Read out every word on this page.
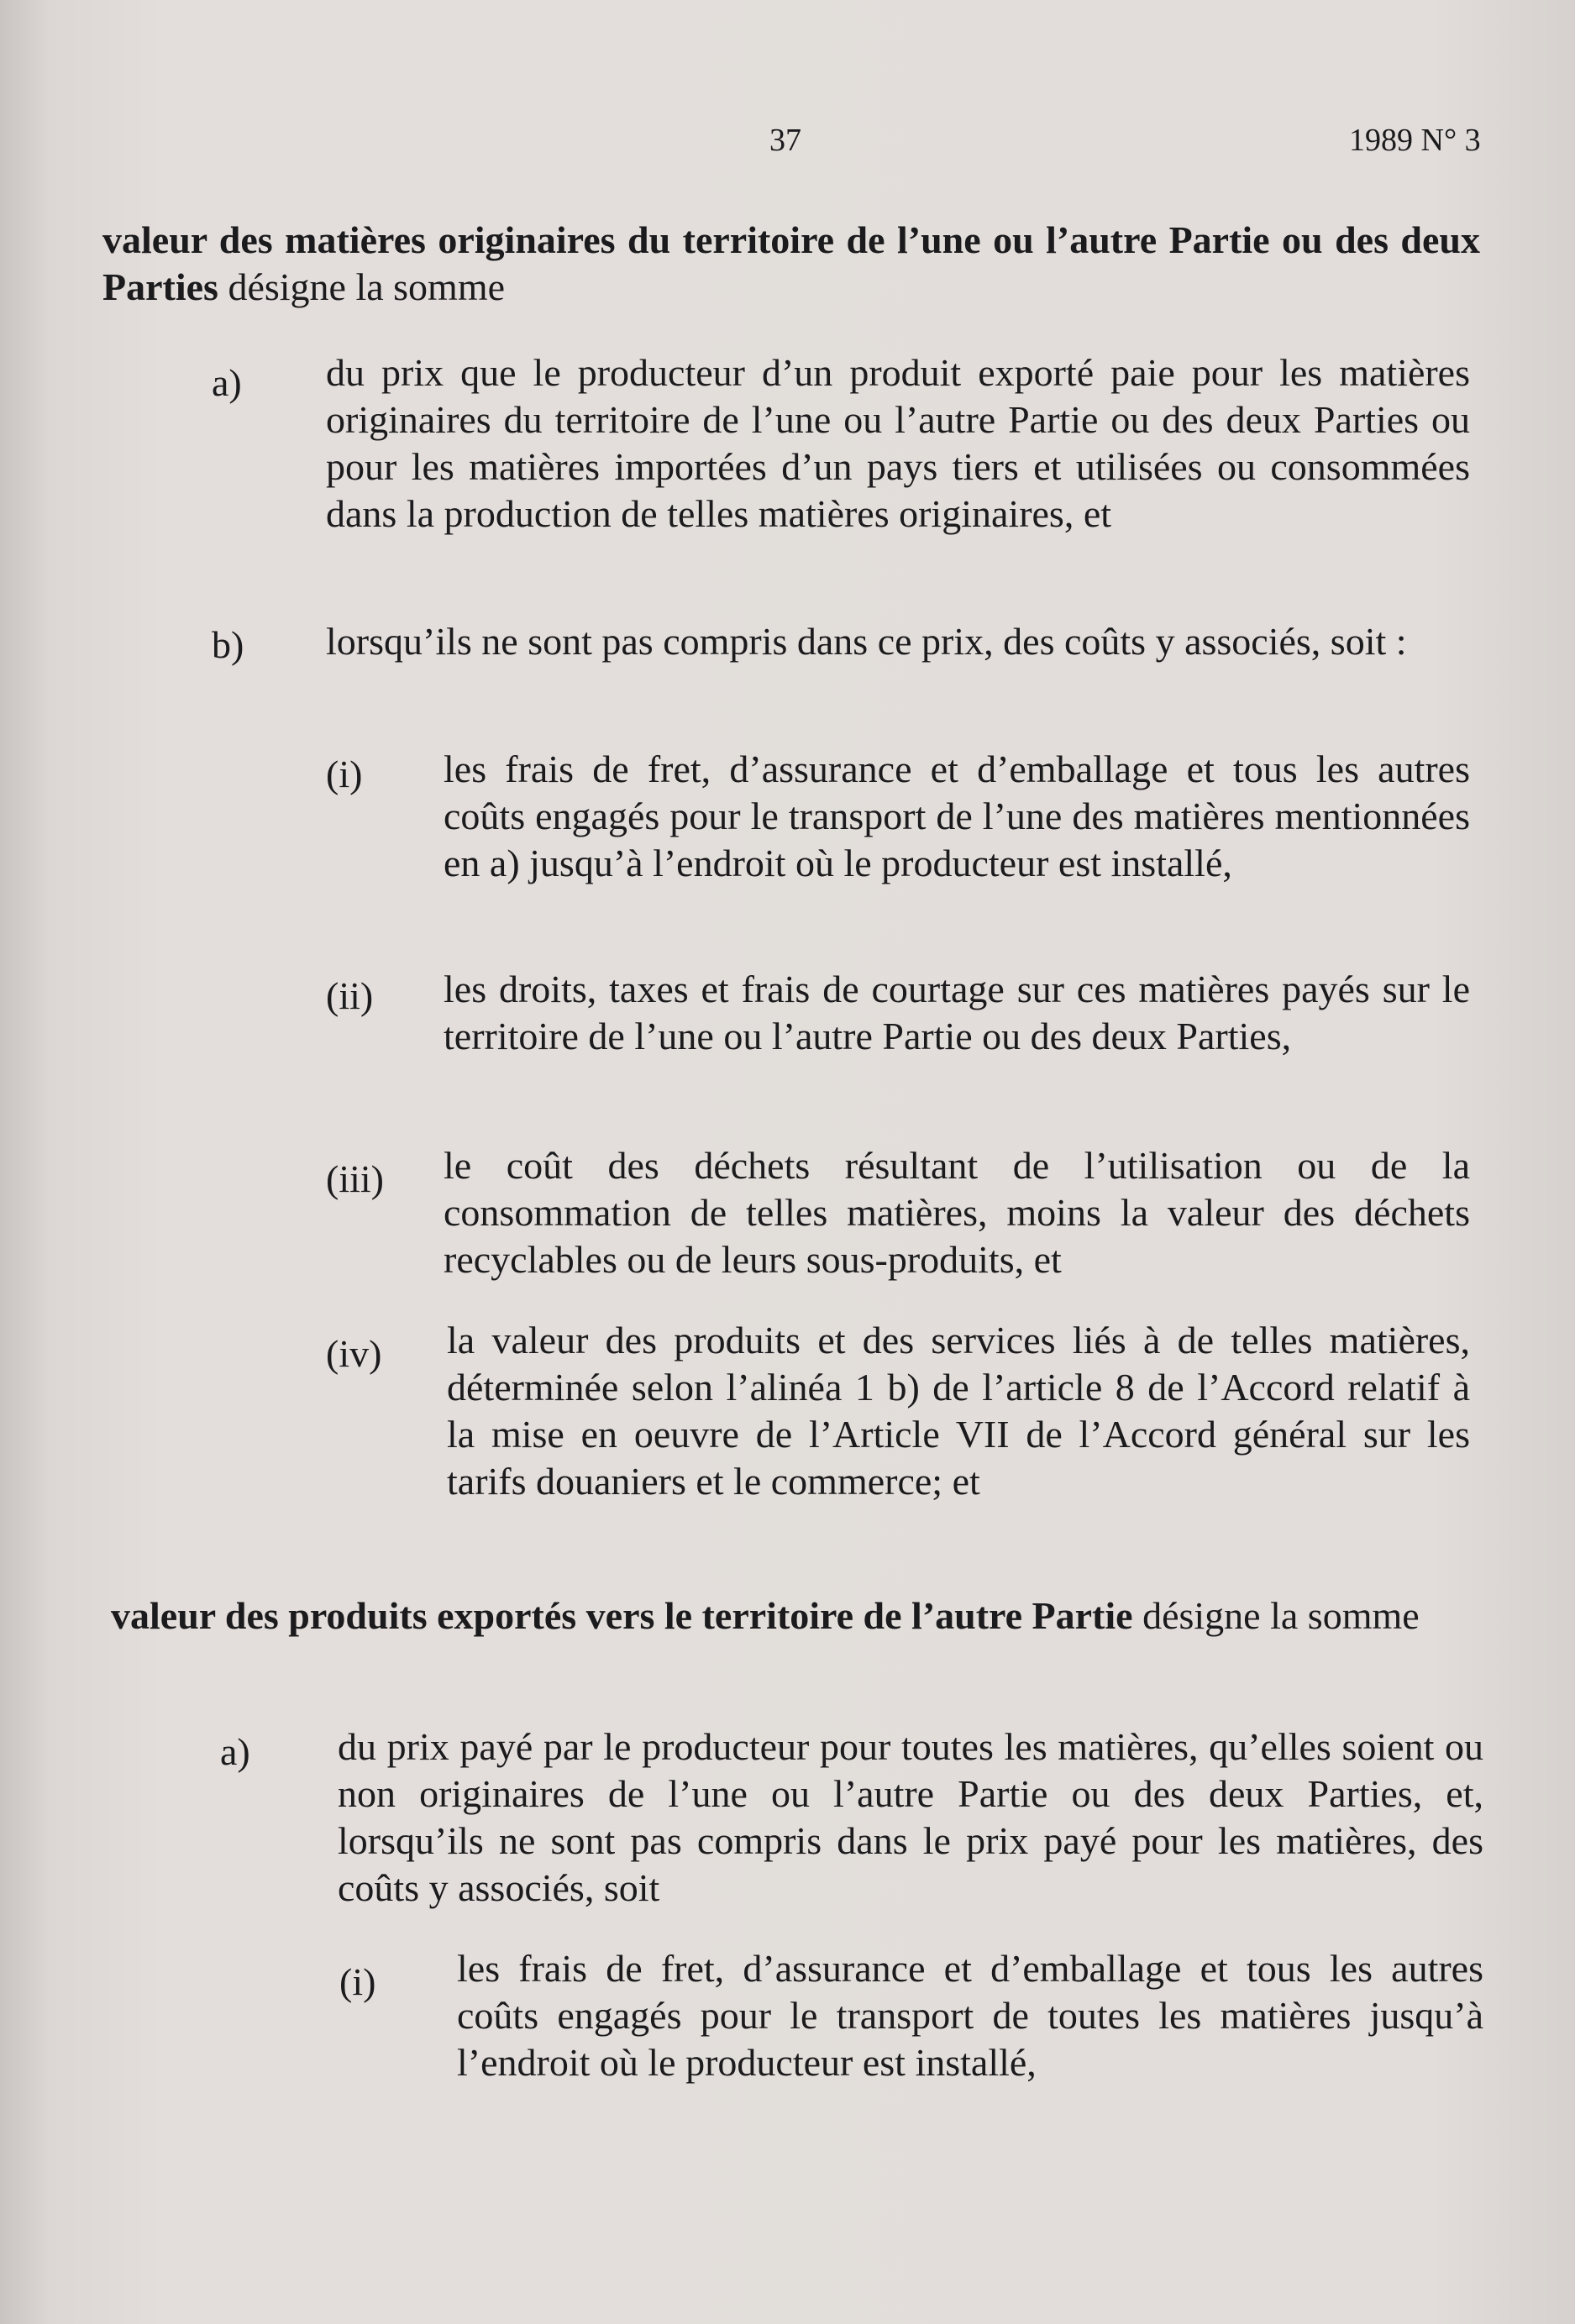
37	1989 N° 3
valeur des matières originaires du territoire de l’une ou l’autre Partie ou des deux Parties désigne la somme
a) du prix que le producteur d’un produit exporté paie pour les matières originaires du territoire de l’une ou l’autre Partie ou des deux Parties ou pour les matières importées d’un pays tiers et utilisées ou consommées dans la production de telles matières originaires, et
b) lorsqu’ils ne sont pas compris dans ce prix, des coûts y associés, soit :
(i) les frais de fret, d’assurance et d’emballage et tous les autres coûts engagés pour le transport de l’une des matières mentionnées en a) jusqu’à l’endroit où le producteur est installé,
(ii) les droits, taxes et frais de courtage sur ces matières payés sur le territoire de l’une ou l’autre Partie ou des deux Parties,
(iii) le coût des déchets résultant de l’utilisation ou de la consommation de telles matières, moins la valeur des déchets recyclables ou de leurs sous-produits, et
(iv) la valeur des produits et des services liés à de telles matières, déterminée selon l’alinéa 1 b) de l’article 8 de l’Accord relatif à la mise en oeuvre de l’Article VII de l’Accord général sur les tarifs douaniers et le commerce; et
valeur des produits exportés vers le territoire de l’autre Partie désigne la somme
a) du prix payé par le producteur pour toutes les matières, qu’elles soient ou non originaires de l’une ou l’autre Partie ou des deux Parties, et, lorsqu’ils ne sont pas compris dans le prix payé pour les matières, des coûts y associés, soit
(i) les frais de fret, d’assurance et d’emballage et tous les autres coûts engagés pour le transport de toutes les matières jusqu’à l’endroit où le producteur est installé,
